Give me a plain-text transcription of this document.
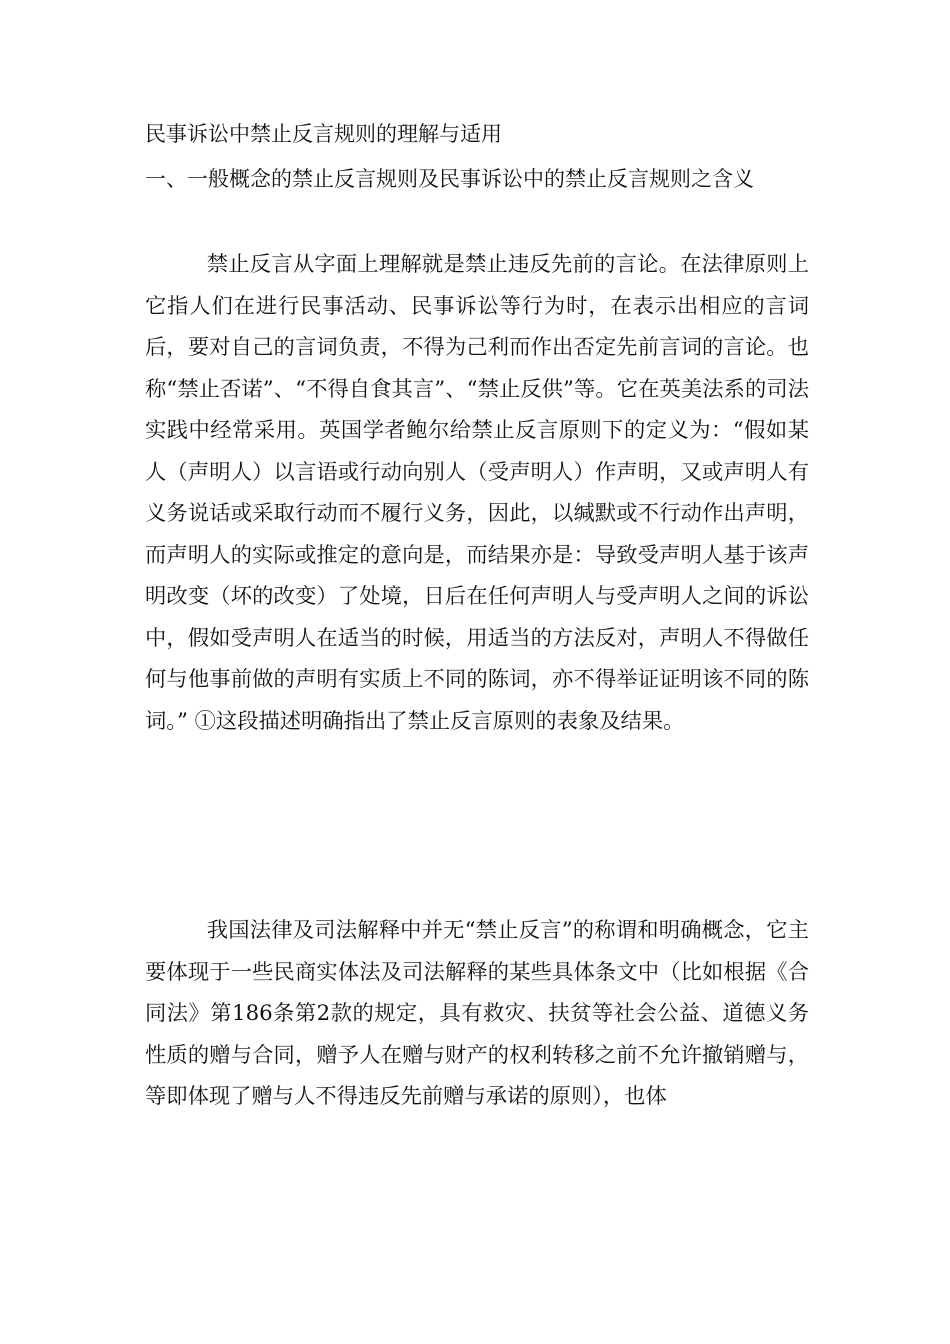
民事诉讼中禁止反言规则的理解与适用
一、一般概念的禁止反言规则及民事诉讼中的禁止反言规则之含义

禁止反言从字面上理解就是禁止违反先前的言论。在法律原则上它指人们在进行民事活动、民事诉讼等行为时，在表示出相应的言词后，要对自己的言词负责，不得为己利而作出否定先前言词的言论。也称“禁止否诺”、“不得自食其言”、“禁止反供”等。它在英美法系的司法实践中经常采用。英国学者鲍尔给禁止反言原则下的定义为：“假如某人（声明人）以言语或行动向别人（受声明人）作声明，又或声明人有义务说话或采取行动而不履行义务，因此，以缄默或不行动作出声明，而声明人的实际或推定的意向是，而结果亦是：导致受声明人基于该声明改变（坏的改变）了处境，日后在任何声明人与受声明人之间的诉讼中，假如受声明人在适当的时候，用适当的方法反对，声明人不得做任何与他事前做的声明有实质上不同的陈词，亦不得举证证明该不同的陈词。” ①这段描述明确指出了禁止反言原则的表象及结果。

我国法律及司法解释中并无“禁止反言”的称谓和明确概念，它主要体现于一些民商实体法及司法解释的某些具体条文中（比如根据《合同法》第186条第2款的规定，具有救灾、扶贫等社会公益、道德义务性质的赠与合同，赠予人在赠与财产的权利转移之前不允许撤销赠与，等即体现了赠与人不得违反先前赠与承诺的原则），也体
